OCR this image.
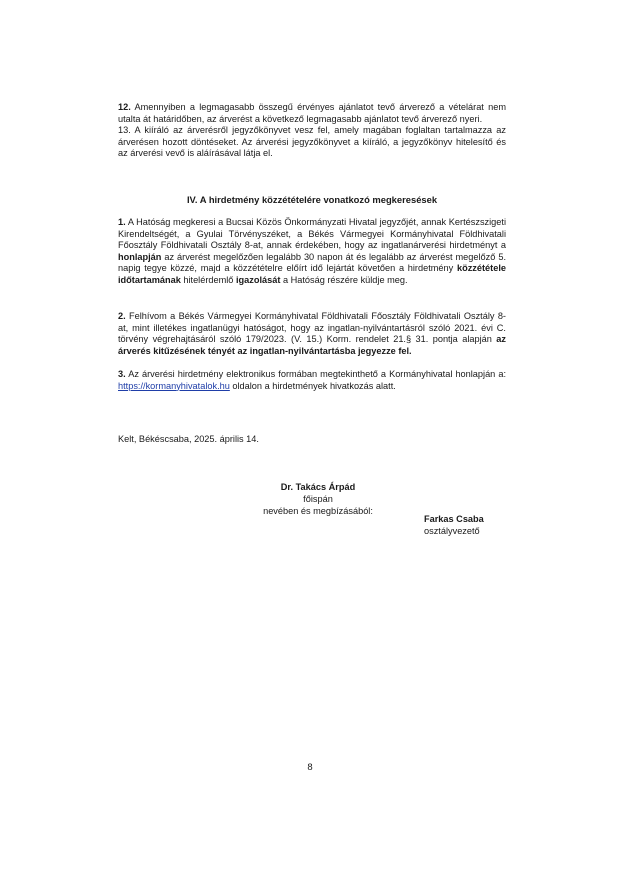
12. Amennyiben a legmagasabb összegű érvényes ajánlatot tevő árverező a vételárat nem utalta át határidőben, az árverést a következő legmagasabb ajánlatot tevő árverező nyeri.

13. A kiíráló az árverésről jegyzőkönyvet vesz fel, amely magában foglaltan tartalmazza az árverésen hozott döntéseket. Az árverési jegyzőkönyvet a kiíráló, a jegyzőkönyv hitelesítő és az árverési vevő is aláírásával látja el.

IV. A hirdetmény közzétételére vonatkozó megkeresések

1. A Hatóság megkeresi a Bucsai Közös Önkormányzati Hivatal jegyzőjét, annak Kertészszigeti Kirendeltségét, a Gyulai Törvényszéket, a Békés Vármegyei Kormányhivatal Földhivatali Főosztály Földhivatali Osztály 8-at, annak érdekében, hogy az ingatlanárverési hirdetményt a honlapján az árverést megelőzően legalább 30 napon át és legalább az árverést megelőző 5. napig tegye közzé, majd a közzétételre előírt idő lejártát követően a hirdetmény közzététele időtartamának hitelérdemlő igazolását a Hatóság részére küldje meg.

2. Felhívom a Békés Vármegyei Kormányhivatal Földhivatali Főosztály Földhivatali Osztály 8-at, mint illetékes ingatlanügyi hatóságot, hogy az ingatlan-nyilvántartásról szóló 2021. évi C. törvény végrehajtásáról szóló 179/2023. (V. 15.) Korm. rendelet 21.§ 31. pontja alapján az árverés kitűzésének tényét az ingatlan-nyilvántartásba jegyezze fel.

3. Az árverési hirdetmény elektronikus formában megtekinthető a Kormányhivatal honlapján a: https://kormanyhivatalok.hu oldalon a hirdetmények hivatkozás alatt.

Kelt, Békéscsaba, 2025. április 14.
Dr. Takács Árpád
főispán
nevében és megbízásából:
Farkas Csaba
osztályvezető
8
